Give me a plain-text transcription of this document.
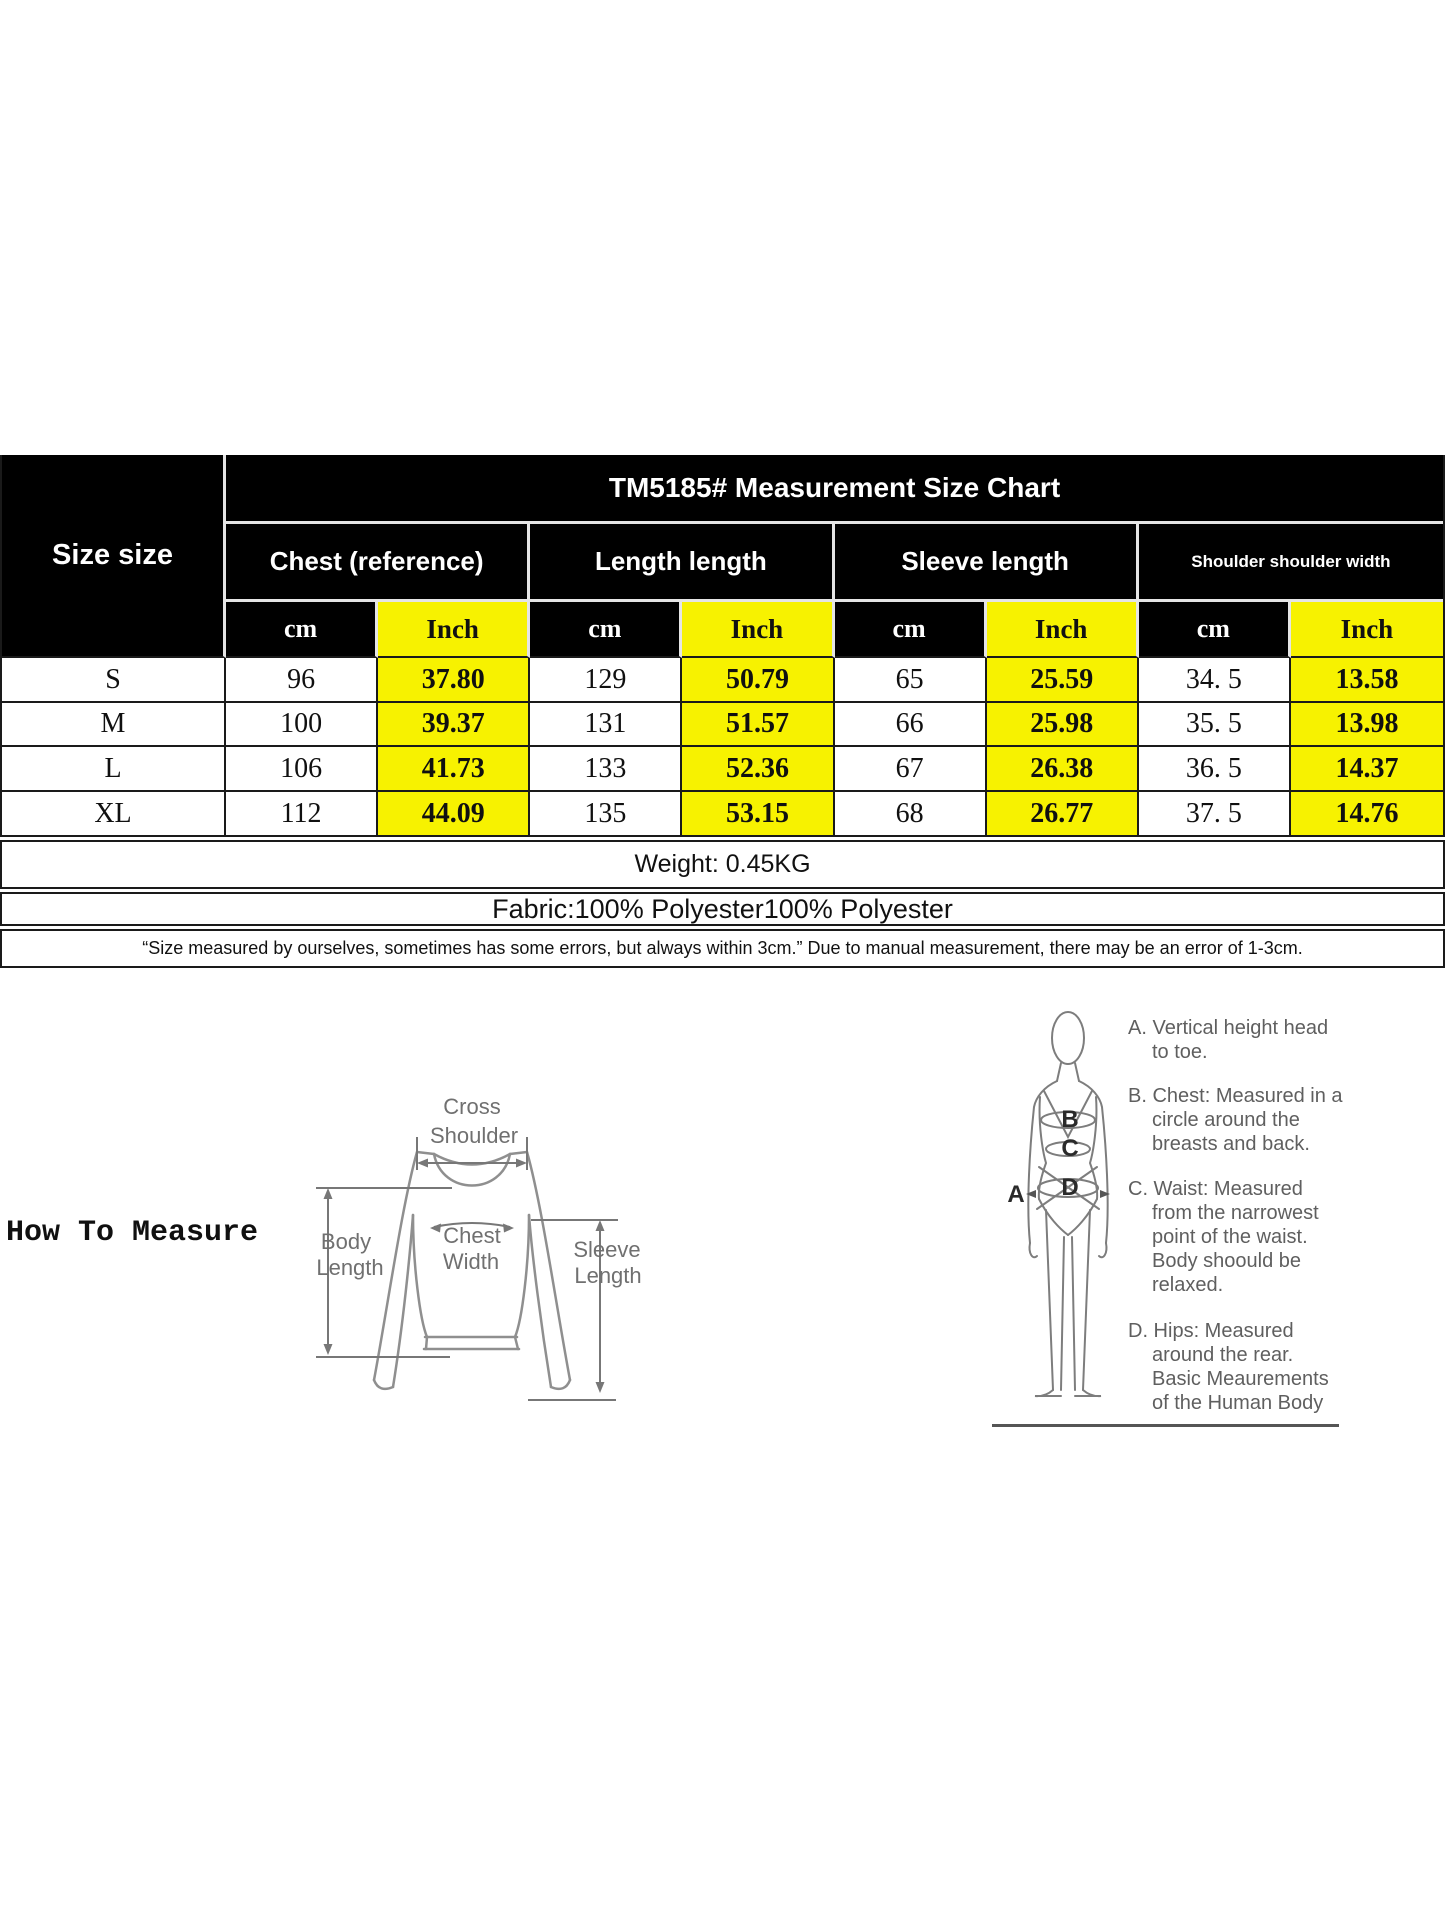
Size size
TM5185# Measurement Size Chart
Chest (reference)	Length length	Sleeve length	Shoulder shoulder width
cm	Inch	cm	Inch	cm	Inch	cm	Inch
S	96	37.80	129	50.79	65	25.59	34. 5	13.58
M	100	39.37	131	51.57	66	25.98	35. 5	13.98
L	106	41.73	133	52.36	67	26.38	36. 5	14.37
XL	112	44.09	135	53.15	68	26.77	37. 5	14.76
Weight: 0.45KG
Fabric:100% Polyester100% Polyester
“Size measured by ourselves, sometimes has some errors, but always within 3cm.” Due to manual measurement, there may be an error of 1-3cm.
How To Measure
Cross
Shoulder
Body
Length
Chest
Width	Sleeve
Length
A
B
C
D

A. Vertical height head
to toe.

B. Chest: Measured in a
circle around the
breasts and back.

C. Waist: Measured
from the narrowest
point of the waist.
Body shoould be
relaxed.

D. Hips: Measured
around the rear.
Basic Meaurements
of the Human Body
